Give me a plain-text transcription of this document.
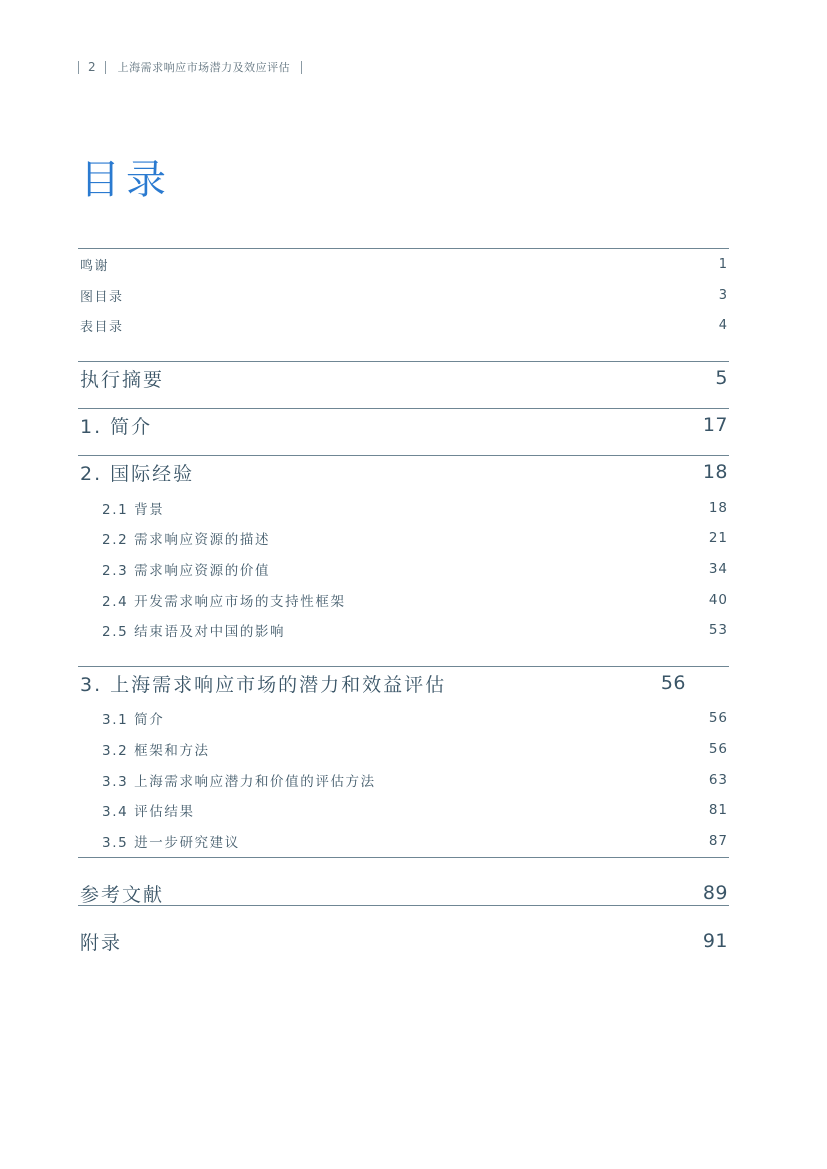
2 上海需求响应市场潜力及效应评估
目录
鸣谢	1
图目录	3
表目录	4
执行摘要	5
1. 简介	17
2. 国际经验	18
2.1 背景	18
2.2 需求响应资源的描述	21
2.3 需求响应资源的价值	34
2.4 开发需求响应市场的支持性框架	40
2.5 结束语及对中国的影响	53
3. 上海需求响应市场的潜力和效益评估	56
3.1 简介	56
3.2 框架和方法	56
3.3 上海需求响应潜力和价值的评估方法	63
3.4 评估结果	81
3.5 进一步研究建议	87
参考文献	89
附录	91
